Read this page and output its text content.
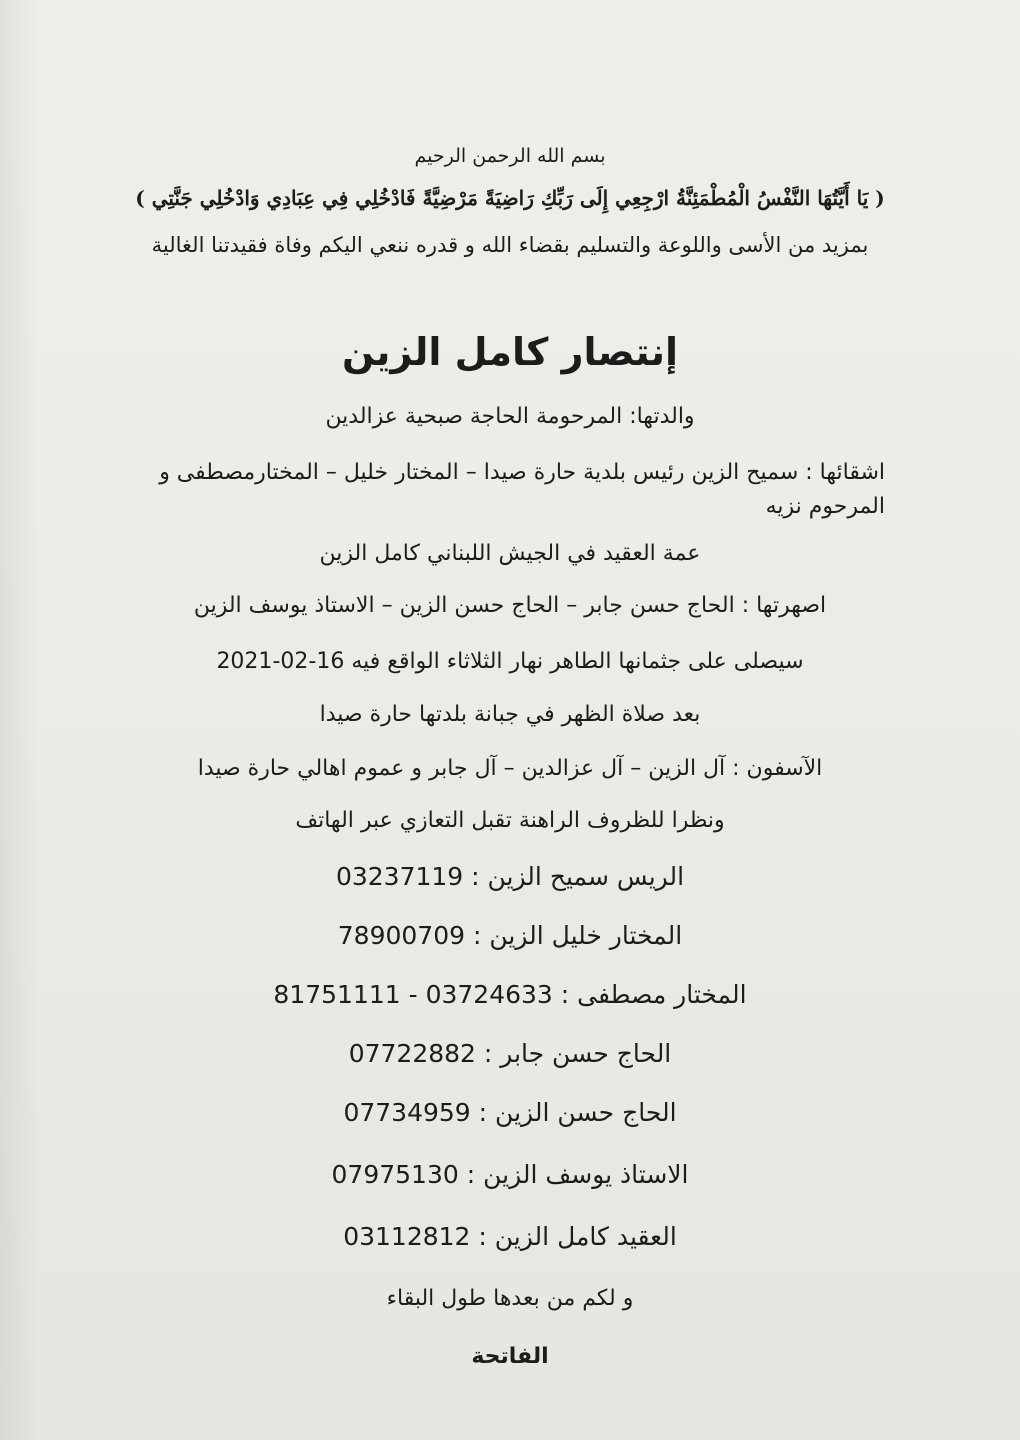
بسم الله الرحمن الرحيم

( يَا أَيَّتُهَا النَّفْسُ الْمُطْمَئِنَّةُ ارْجِعِي إِلَى رَبِّكِ رَاضِيَةً مَرْضِيَّةً فَادْخُلِي فِي عِبَادِي وَادْخُلِي جَنَّتِي )

بمزيد من الأسى واللوعة والتسليم بقضاء الله و قدره ننعي اليكم وفاة فقيدتنا الغالية

إنتصار كامل الزين

والدتها: المرحومة الحاجة صبحية عزالدين

اشقائها : سميح الزين رئيس بلدية حارة صيدا – المختار خليل – المختارمصطفى و المرحوم نزيه

عمة العقيد في الجيش اللبناني كامل الزين

اصهرتها : الحاج حسن جابر – الحاج حسن الزين – الاستاذ يوسف الزين

سيصلى على جثمانها الطاهر نهار الثلاثاء الواقع فيه 16-02-2021

بعد صلاة الظهر في جبانة بلدتها حارة صيدا

الآسفون : آل الزين – آل عزالدين – آل جابر و عموم اهالي حارة صيدا

ونظرا للظروف الراهنة تقبل التعازي عبر الهاتف

الريس سميح الزين : 03237119

المختار خليل الزين : 78900709

المختار مصطفى : 81751111 - 03724633

الحاج حسن جابر : 07722882

الحاج حسن الزين : 07734959

الاستاذ يوسف الزين : 07975130

العقيد كامل الزين : 03112812

و لكم من بعدها طول البقاء

الفاتحة
